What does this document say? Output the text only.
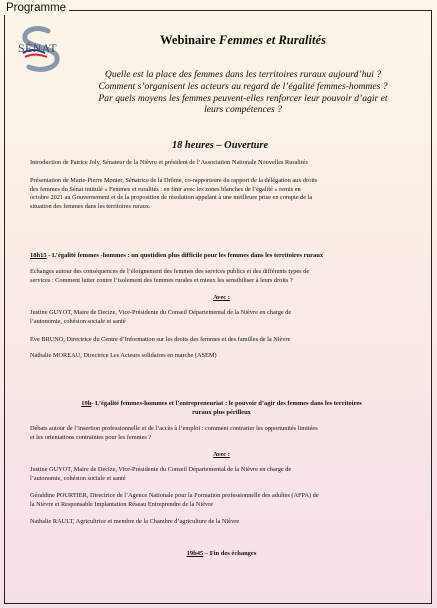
Programme
SÉNAT
Webinaire Femmes et Ruralités
Quelle est la place des femmes dans les territoires ruraux aujourd’hui ?
Comment s’organisent les acteurs au regard de l’égalité femmes-hommes ?
Par quels moyens les femmes peuvent-elles renforcer leur pouvoir d’agir et
leurs compétences ?
18 heures – Ouverture
Introduction de Patrice Joly, Sénateur de la Nièvre et président de l’Association Nationale Nouvelles Ruralités
Présentation de Marie-Pierre Monier, Sénatrice de la Drôme, co-rapporteure du rapport de la délégation aux droits
des femmes du Sénat intitulé « Femmes et ruralités : en finir avec les zones blanches de l’égalité » remis en
octobre 2021 au Gouvernement et de la proposition de résolution appelant à une meilleure prise en compte de la
situation des femmes dans les territoires ruraux.
18h15 - L’égalité femmes -hommes : un quotidien plus difficile pour les femmes dans les territoires ruraux
Echanges autour des conséquences de l’éloignement des femmes des services publics et des différents types de
services : Comment lutter contre l’isolement des femmes rurales et mieux les sensibiliser à leurs droits ?
Avec :
Justine GUYOT, Maire de Decize, Vice-Présidente du Conseil Départemental de la Nièvre en charge de
l’autonomie, cohésion sociale et santé
Eve BRUNO, Directrice du Centre d’Information sur les droits des femmes et des familles de la Nièvre
Nathalie MOREAU, Directrice Les Acteurs solidaires en marche (ASEM)
19h- L’égalité femmes-hommes et l’entrepreneuriat : le pouvoir d’agir des femmes dans les territoires
ruraux plus périlleux
Débats autour de l’insertion professionnelle et de l’accès à l’emploi : comment contrarier les opportunités limitées
et les orientations contraintes pour les femmes ?
Avec :
Justine GUYOT, Maire de Decize, Vice-Présidente du Conseil Départemental de la Nièvre en charge de
l’autonomie, cohésion sociale et santé
Géraldine POURTIER, Directrice de l’Agence Nationale pour la Formation professionnelle des adultes (AFPA) de
la Nièvre et Responsable Implantation Réseau Entreprendre de la Nièvre
Nathalie RAULT, Agricultrice et membre de la Chambre d’agriculture de la Nièvre
19h45 – Fin des échanges
